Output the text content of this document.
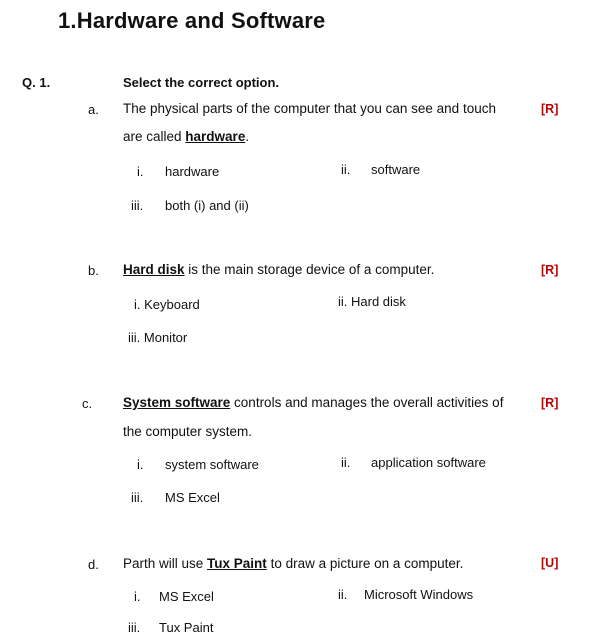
1.Hardware and Software
Q. 1.	Select the correct option.
a. The physical parts of the computer that you can see and touch	[R]
are called hardware.
i. hardware	ii. software
iii. both (i) and (ii)
b. Hard disk is the main storage device of a computer.	[R]
i. Keyboard	ii. Hard disk
iii. Monitor
c. System software controls and manages the overall activities of	[R]
the computer system.
i. system software	ii. application software
iii. MS Excel
d. Parth will use Tux Paint to draw a picture on a computer.	[U]
i. MS Excel	ii. Microsoft Windows
iii. Tux Paint
